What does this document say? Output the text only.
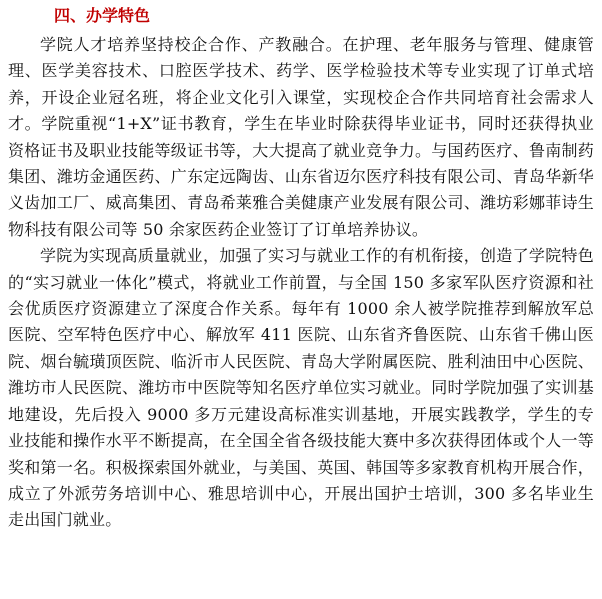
四、办学特色

学院人才培养坚持校企合作、产教融合。在护理、老年服务与管理、健康管理、医学美容技术、口腔医学技术、药学、医学检验技术等专业实现了订单式培养，开设企业冠名班，将企业文化引入课堂，实现校企合作共同培育社会需求人才。学院重视“1+X”证书教育，学生在毕业时除获得毕业证书，同时还获得执业资格证书及职业技能等级证书等，大大提高了就业竞争力。与国药医疗、鲁南制药集团、潍坊金通医药、广东定远陶齿、山东省迈尔医疗科技有限公司、青岛华新华义齿加工厂、威高集团、青岛希莱雅合美健康产业发展有限公司、潍坊彩娜菲诗生物科技有限公司等 50 余家医药企业签订了订单培养协议。

学院为实现高质量就业，加强了实习与就业工作的有机衔接，创造了学院特色的“实习就业一体化”模式，将就业工作前置，与全国 150 多家军队医疗资源和社会优质医疗资源建立了深度合作关系。每年有 1000 余人被学院推荐到解放军总医院、空军特色医疗中心、解放军 411 医院、山东省齐鲁医院、山东省千佛山医院、烟台毓璜顶医院、临沂市人民医院、青岛大学附属医院、胜利油田中心医院、潍坊市人民医院、潍坊市中医院等知名医疗单位实习就业。同时学院加强了实训基地建设，先后投入 9000 多万元建设高标准实训基地，开展实践教学，学生的专业技能和操作水平不断提高，在全国全省各级技能大赛中多次获得团体或个人一等奖和第一名。积极探索国外就业，与美国、英国、韩国等多家教育机构开展合作，成立了外派劳务培训中心、雅思培训中心，开展出国护士培训，300 多名毕业生走出国门就业。
